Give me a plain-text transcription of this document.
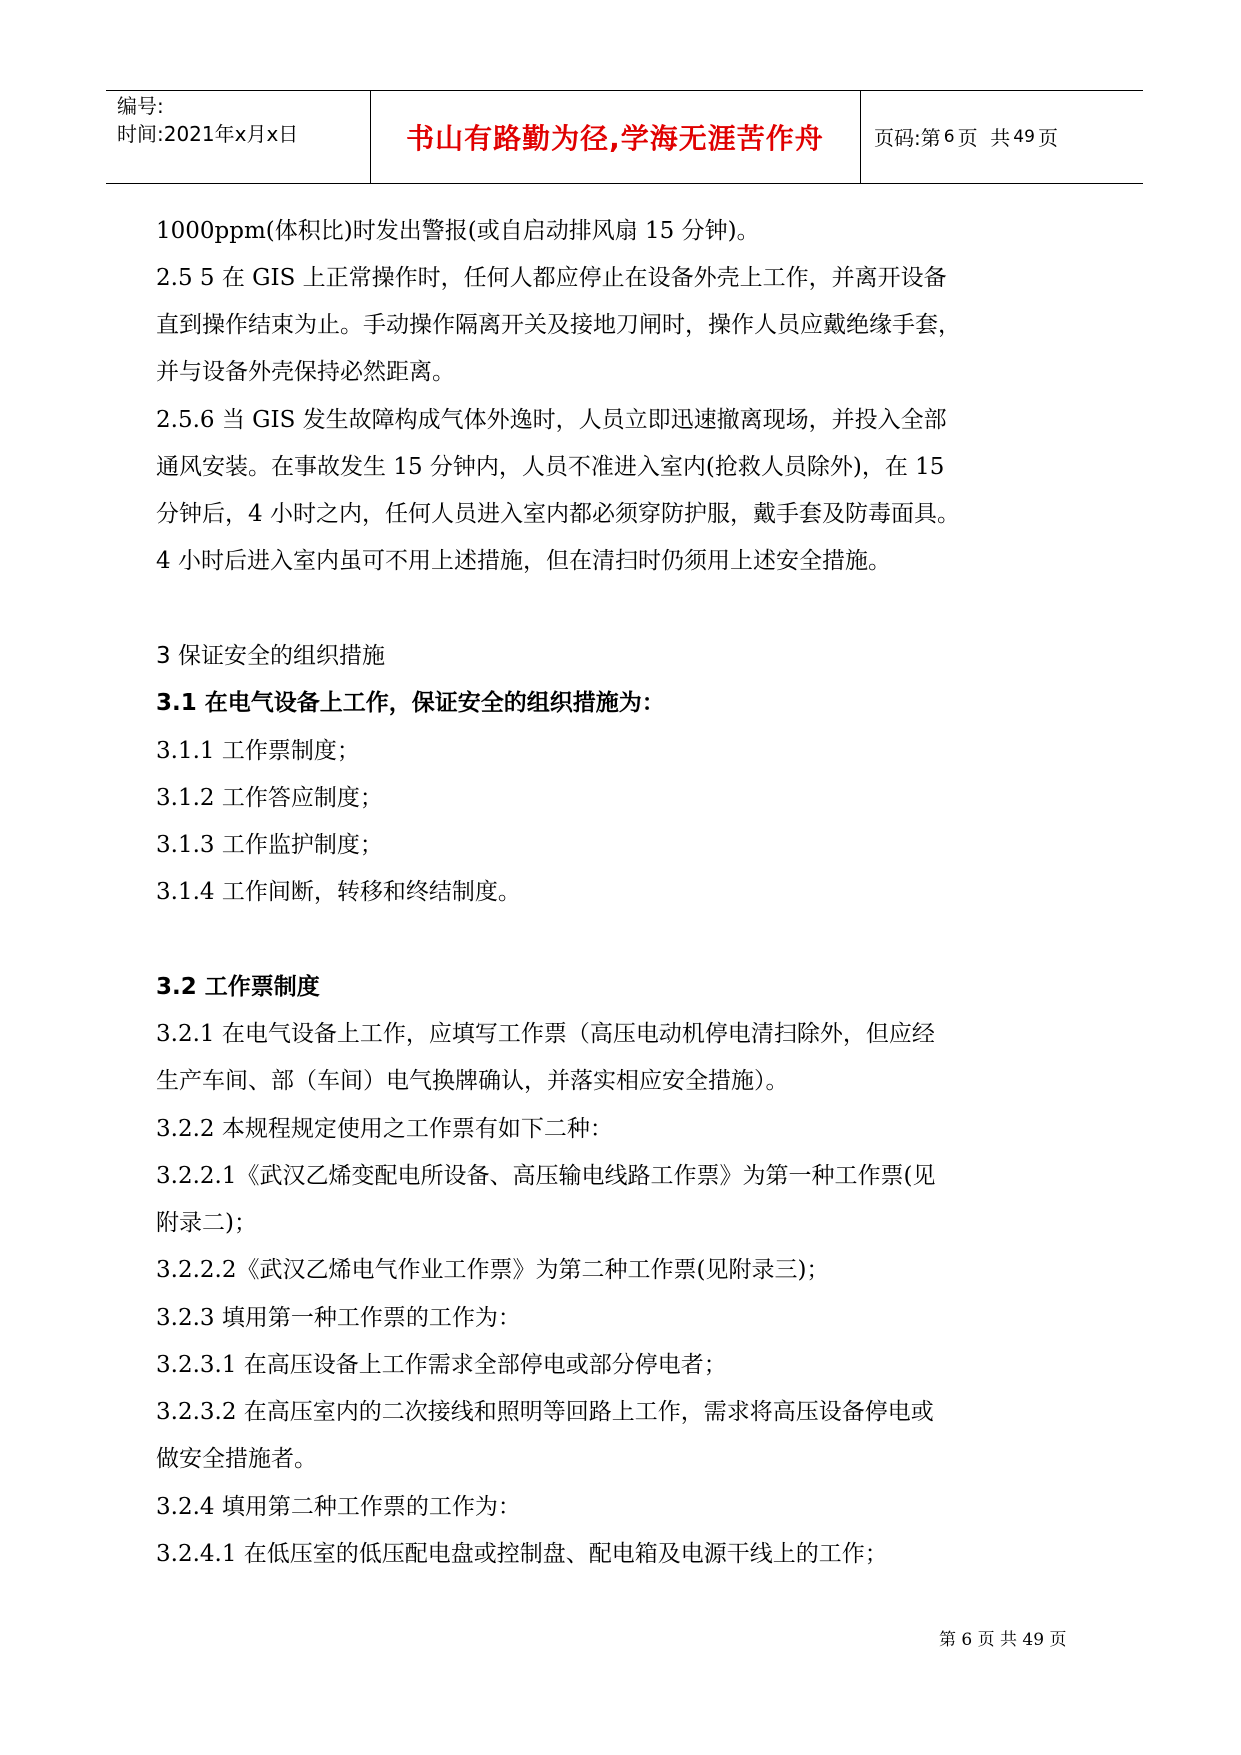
编号:
时间:2021年x月x日	书山有路勤为径,学海无涯苦作舟	页码:第 6 页  共 49 页
1000ppm(体积比)时发出警报(或自启动排风扇 15 分钟)。
2.5 5 在 GIS 上正常操作时，任何人都应停止在设备外壳上工作，并离开设备
直到操作结束为止。手动操作隔离开关及接地刀闸时，操作人员应戴绝缘手套，
并与设备外壳保持必然距离。
2.5.6 当 GIS 发生故障构成气体外逸时，人员立即迅速撤离现场，并投入全部
通风安装。在事故发生 15 分钟内，人员不准进入室内(抢救人员除外)，在 15
分钟后，4 小时之内，任何人员进入室内都必须穿防护服，戴手套及防毒面具。
4 小时后进入室内虽可不用上述措施，但在清扫时仍须用上述安全措施。
3 保证安全的组织措施
3.1 在电气设备上工作，保证安全的组织措施为：
3.1.1 工作票制度；
3.1.2 工作答应制度；
3.1.3 工作监护制度；
3.1.4 工作间断，转移和终结制度。
3.2 工作票制度
3.2.1 在电气设备上工作，应填写工作票（高压电动机停电清扫除外，但应经
生产车间、部（车间）电气换牌确认，并落实相应安全措施）。
3.2.2 本规程规定使用之工作票有如下二种：
3.2.2.1《武汉乙烯变配电所设备、高压输电线路工作票》为第一种工作票(见
附录二)；
3.2.2.2《武汉乙烯电气作业工作票》为第二种工作票(见附录三)；
3.2.3 填用第一种工作票的工作为：
3.2.3.1 在高压设备上工作需求全部停电或部分停电者；
3.2.3.2 在高压室内的二次接线和照明等回路上工作，需求将高压设备停电或
做安全措施者。
3.2.4 填用第二种工作票的工作为：
3.2.4.1 在低压室的低压配电盘或控制盘、配电箱及电源干线上的工作；
第 6 页 共 49 页
